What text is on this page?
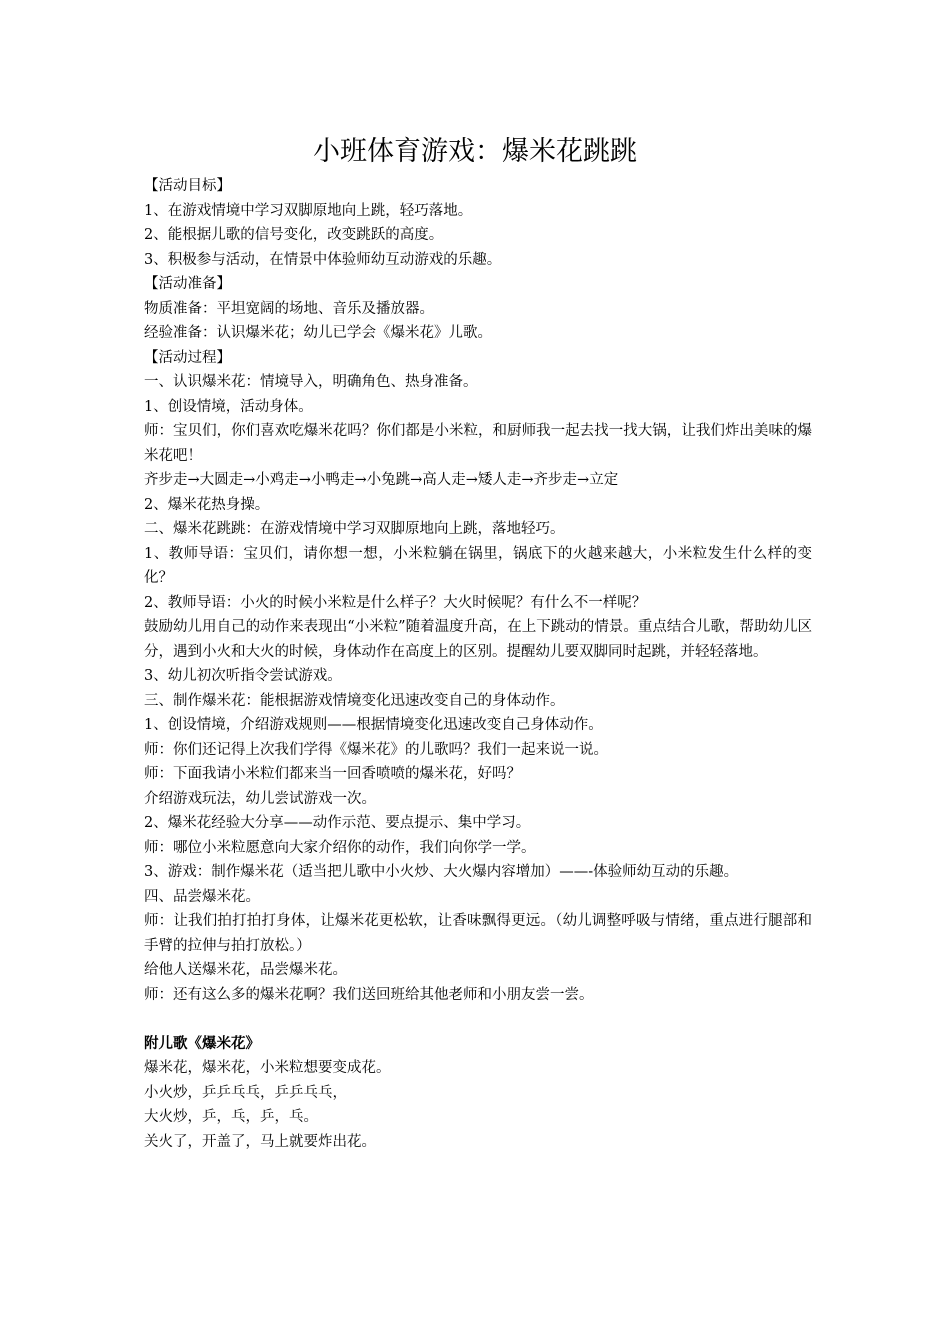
小班体育游戏：爆米花跳跳

【活动目标】

1、在游戏情境中学习双脚原地向上跳，轻巧落地。

2、能根据儿歌的信号变化，改变跳跃的高度。

3、积极参与活动，在情景中体验师幼互动游戏的乐趣。

【活动准备】

物质准备：平坦宽阔的场地、音乐及播放器。

经验准备：认识爆米花；幼儿已学会《爆米花》儿歌。

【活动过程】

一、认识爆米花：情境导入，明确角色、热身准备。

1、创设情境，活动身体。

师：宝贝们，你们喜欢吃爆米花吗？你们都是小米粒，和厨师我一起去找一找大锅，让我们炸出美味的爆米花吧！

齐步走→大圆走→小鸡走→小鸭走→小兔跳→高人走→矮人走→齐步走→立定

2、爆米花热身操。

二、爆米花跳跳：在游戏情境中学习双脚原地向上跳，落地轻巧。

1、教师导语：宝贝们，请你想一想，小米粒躺在锅里，锅底下的火越来越大，小米粒发生什么样的变化？

2、教师导语：小火的时候小米粒是什么样子？大火时候呢？有什么不一样呢？

鼓励幼儿用自己的动作来表现出“小米粒”随着温度升高，在上下跳动的情景。重点结合儿歌，帮助幼儿区分，遇到小火和大火的时候，身体动作在高度上的区别。提醒幼儿要双脚同时起跳，并轻轻落地。

3、幼儿初次听指令尝试游戏。

三、制作爆米花：能根据游戏情境变化迅速改变自己的身体动作。

1、创设情境，介绍游戏规则——根据情境变化迅速改变自己身体动作。

师：你们还记得上次我们学得《爆米花》的儿歌吗？我们一起来说一说。

师：下面我请小米粒们都来当一回香喷喷的爆米花，好吗？

介绍游戏玩法，幼儿尝试游戏一次。

2、爆米花经验大分享——动作示范、要点提示、集中学习。

师：哪位小米粒愿意向大家介绍你的动作，我们向你学一学。

3、游戏：制作爆米花（适当把儿歌中小火炒、大火爆内容增加）——-体验师幼互动的乐趣。

四、品尝爆米花。

师：让我们拍打拍打身体，让爆米花更松软，让香味飘得更远。（幼儿调整呼吸与情绪，重点进行腿部和手臂的拉伸与拍打放松。）

给他人送爆米花，品尝爆米花。

师：还有这么多的爆米花啊？我们送回班给其他老师和小朋友尝一尝。

附儿歌《爆米花》

爆米花，爆米花，小米粒想要变成花。

小火炒，乒乒乓乓，乒乒乓乓，

大火炒，乒，乓，乒，乓。

关火了，开盖了，马上就要炸出花。
